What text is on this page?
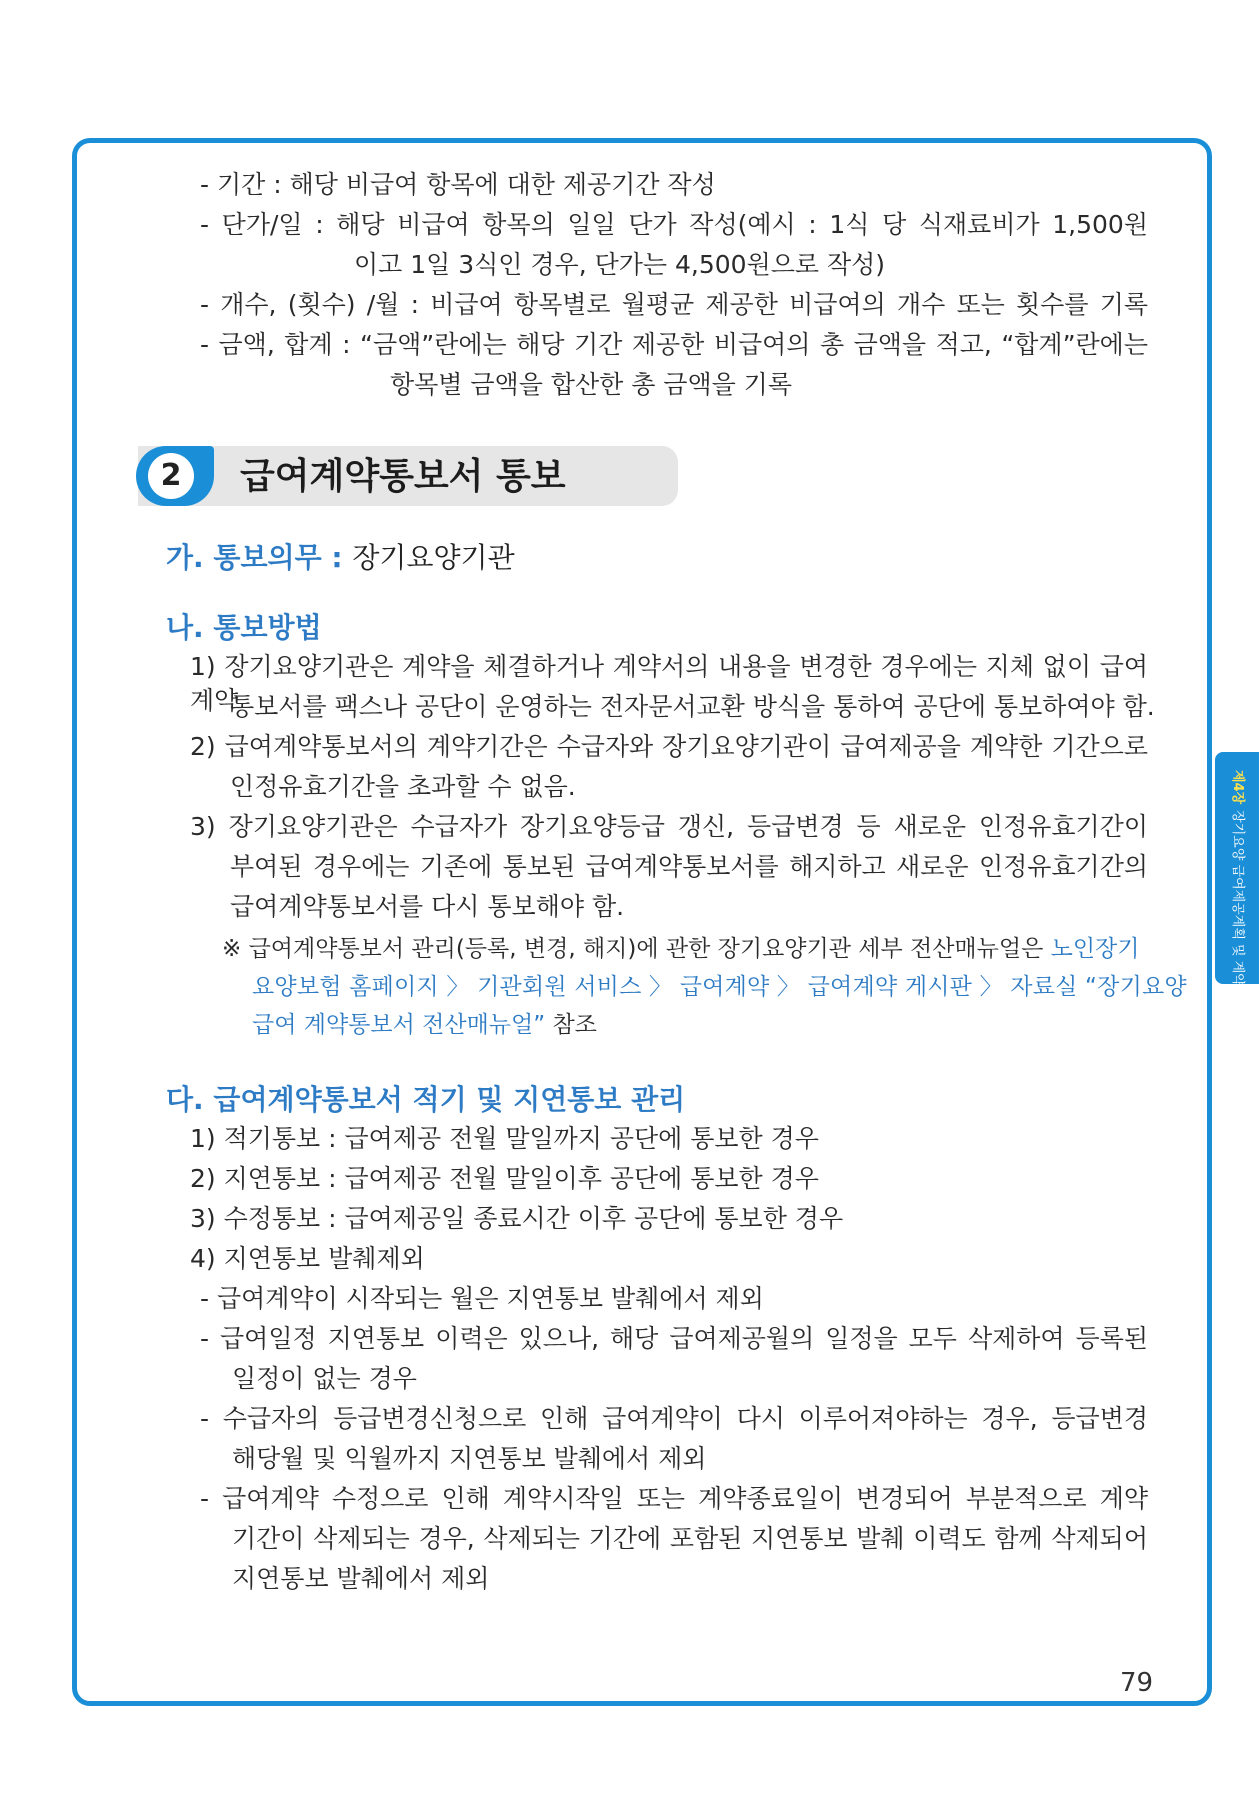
제4장장기요양 급여제공계획 및 계약관리
- 기간 : 해당 비급여 항목에 대한 제공기간 작성
- 단가/일 : 해당 비급여 항목의 일일 단가 작성(예시 : 1식 당 식재료비가 1,500원
이고 1일 3식인 경우, 단가는 4,500원으로 작성)
- 개수, (횟수) /월 : 비급여 항목별로 월평균 제공한 비급여의 개수 또는 횟수를 기록
- 금액, 합계 : “금액”란에는 해당 기간 제공한 비급여의 총 금액을 적고, “합계”란에는
항목별 금액을 합산한 총 금액을 기록
2	급여계약통보서 통보
가. 통보의무 : 장기요양기관
나. 통보방법
1) 장기요양기관은 계약을 체결하거나 계약서의 내용을 변경한 경우에는 지체 없이 급여계약
통보서를 팩스나 공단이 운영하는 전자문서교환 방식을 통하여 공단에 통보하여야 함.
2) 급여계약통보서의 계약기간은 수급자와 장기요양기관이 급여제공을 계약한 기간으로
인정유효기간을 초과할 수 없음.
3) 장기요양기관은 수급자가 장기요양등급 갱신, 등급변경 등 새로운 인정유효기간이
부여된 경우에는 기존에 통보된 급여계약통보서를 해지하고 새로운 인정유효기간의
급여계약통보서를 다시 통보해야 함.
※ 급여계약통보서 관리(등록, 변경, 해지)에 관한 장기요양기관 세부 전산매뉴얼은 노인장기
요양보험 홈페이지 〉 기관회원 서비스 〉 급여계약 〉 급여계약 게시판 〉 자료실 “장기요양
급여 계약통보서 전산매뉴얼” 참조
다. 급여계약통보서 적기 및 지연통보 관리
1) 적기통보 : 급여제공 전월 말일까지 공단에 통보한 경우
2) 지연통보 : 급여제공 전월 말일이후 공단에 통보한 경우
3) 수정통보 : 급여제공일 종료시간 이후 공단에 통보한 경우
4) 지연통보 발췌제외
- 급여계약이 시작되는 월은 지연통보 발췌에서 제외
- 급여일정 지연통보 이력은 있으나, 해당 급여제공월의 일정을 모두 삭제하여 등록된
일정이 없는 경우
- 수급자의 등급변경신청으로 인해 급여계약이 다시 이루어져야하는 경우, 등급변경
해당월 및 익월까지 지연통보 발췌에서 제외
- 급여계약 수정으로 인해 계약시작일 또는 계약종료일이 변경되어 부분적으로 계약
기간이 삭제되는 경우, 삭제되는 기간에 포함된 지연통보 발췌 이력도 함께 삭제되어
지연통보 발췌에서 제외
79
